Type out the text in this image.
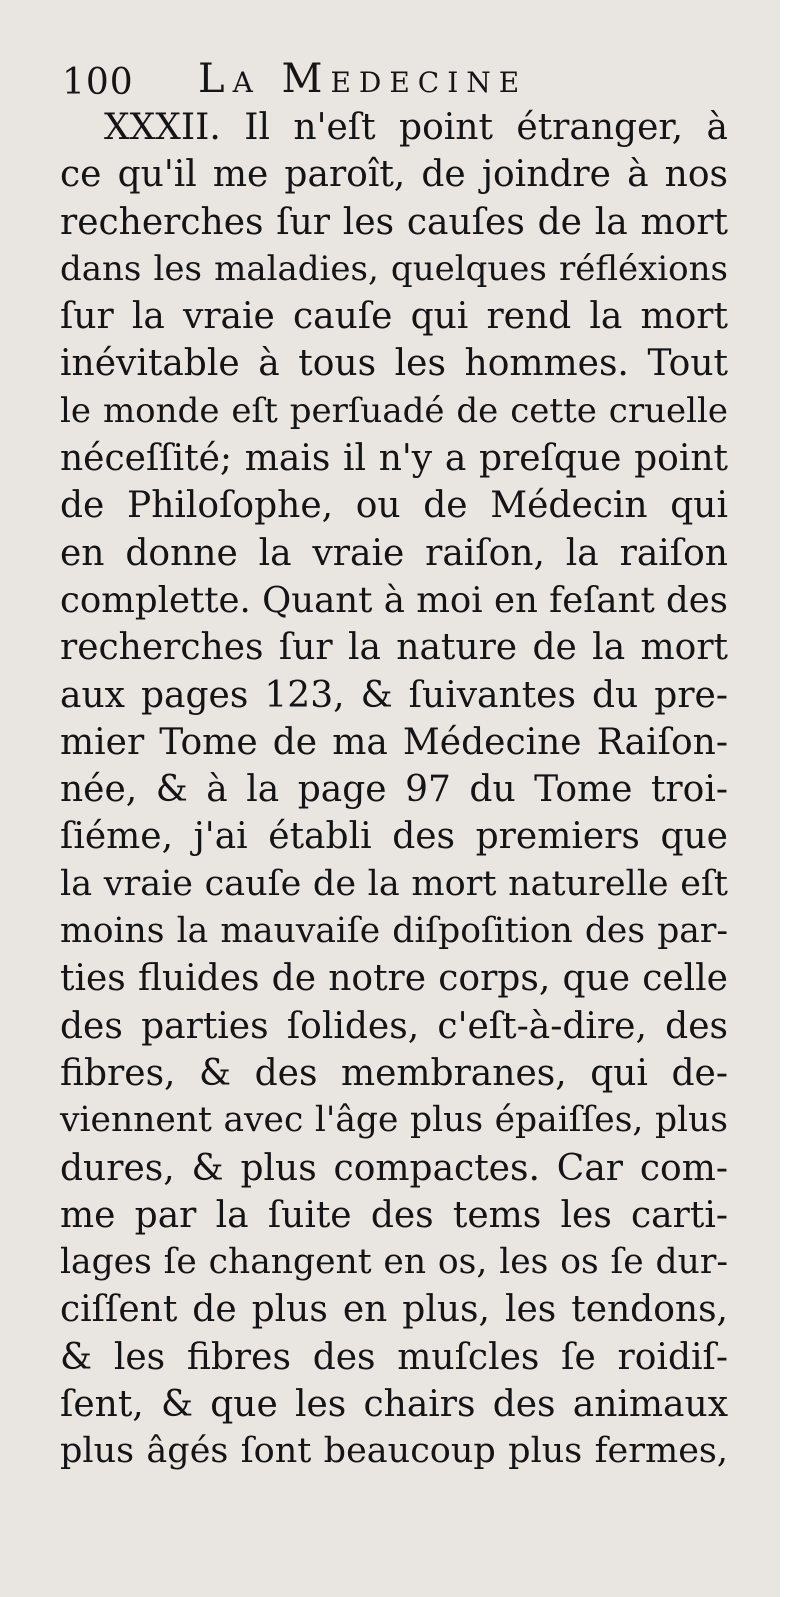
100 La Medecine
XXXII. Il n'eſt point étranger, à
ce qu'il me paroît, de joindre à nos
recherches ſur les cauſes de la mort
dans les maladies, quelques réfléxions
ſur la vraie cauſe qui rend la mort
inévitable à tous les hommes. Tout
le monde eſt perſuadé de cette cruelle
néceſſité; mais il n'y a preſque point
de Philoſophe, ou de Médecin qui
en donne la vraie raiſon, la raiſon
complette. Quant à moi en feſant des
recherches ſur la nature de la mort
aux pages 123, & ſuivantes du pre-
mier Tome de ma Médecine Raiſon-
née, & à la page 97 du Tome troi-
ſiéme, j'ai établi des premiers que
la vraie cauſe de la mort naturelle eſt
moins la mauvaiſe diſpoſition des par-
ties fluides de notre corps, que celle
des parties ſolides, c'eſt-à-dire, des
fibres, & des membranes, qui de-
viennent avec l'âge plus épaiſſes, plus
dures, & plus compactes. Car com-
me par la ſuite des tems les carti-
lages ſe changent en os, les os ſe dur-
ciſſent de plus en plus, les tendons,
& les fibres des muſcles ſe roidiſ-
ſent, & que les chairs des animaux
plus âgés ſont beaucoup plus fermes,
